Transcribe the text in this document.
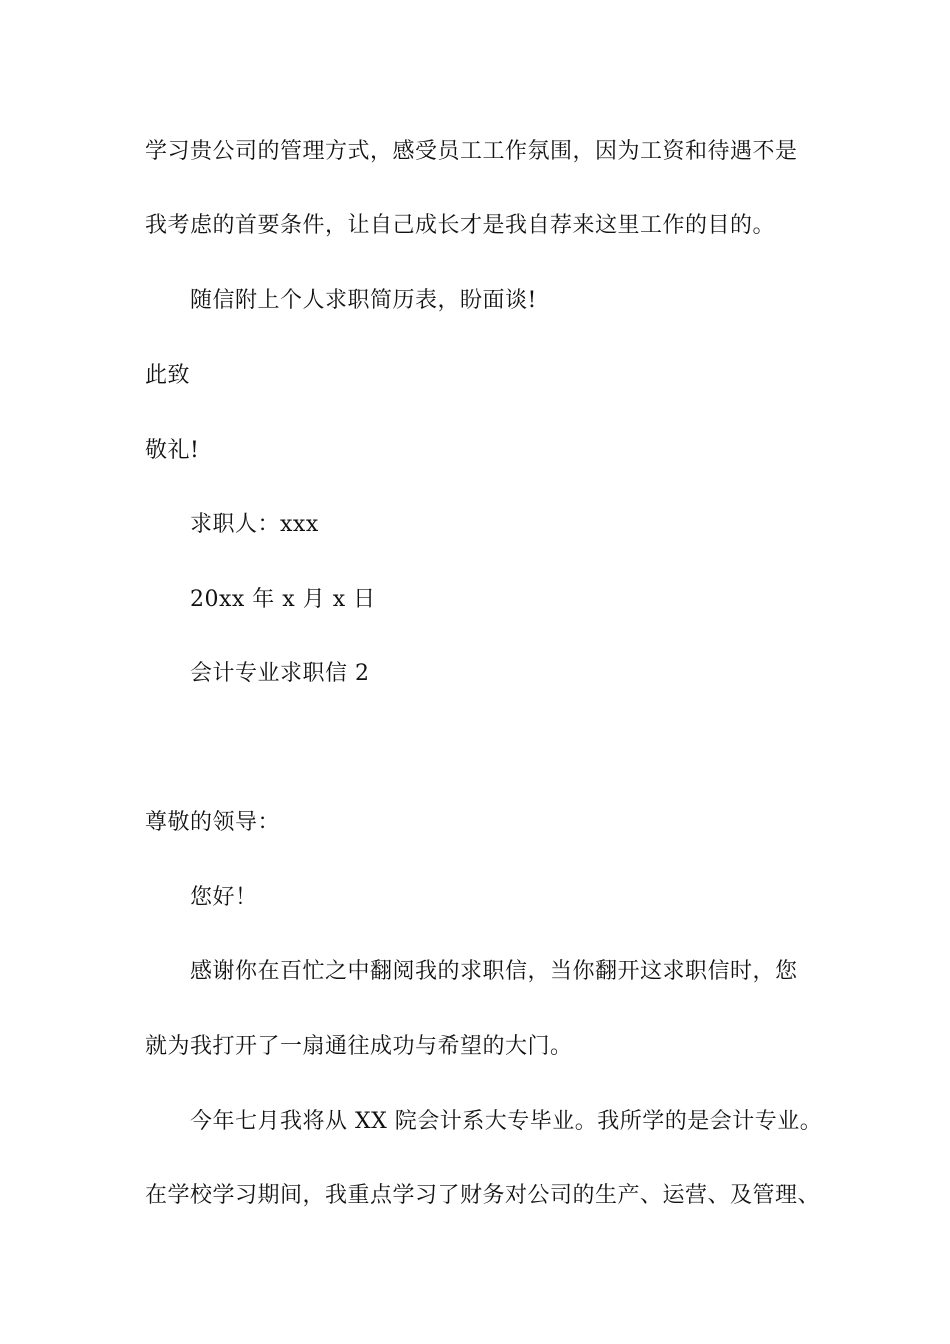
学习贵公司的管理方式，感受员工工作氛围，因为工资和待遇不是
我考虑的首要条件，让自己成长才是我自荐来这里工作的目的。
随信附上个人求职简历表，盼面谈!
此致
敬礼!
求职人：xxx
20xx 年 x 月 x 日
会计专业求职信 2
尊敬的领导：
您好！
感谢你在百忙之中翻阅我的求职信，当你翻开这求职信时，您
就为我打开了一扇通往成功与希望的大门。
今年七月我将从 XX 院会计系大专毕业。我所学的是会计专业。
在学校学习期间，我重点学习了财务对公司的生产、运营、及管理、
